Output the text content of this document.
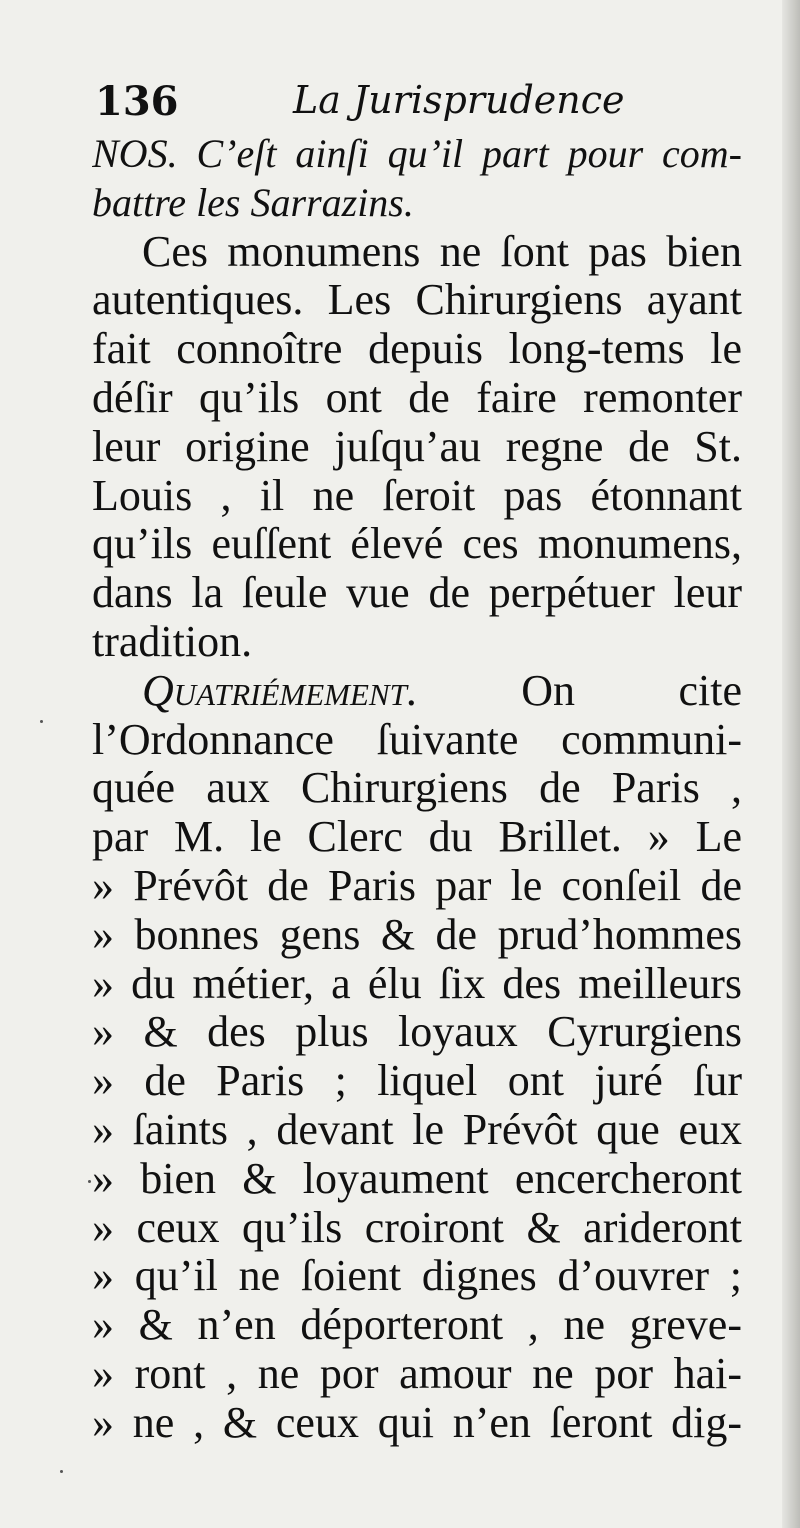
136	La Jurisprudence
NOS. C’eſt ainſi qu’il part pour com-
battre les Sarrazins.
Ces monumens ne ſont pas bien
autentiques. Les Chirurgiens ayant
fait connoître depuis long-tems le
déſir qu’ils ont de faire remonter
leur origine juſqu’au regne de St.
Louis , il ne ſeroit pas étonnant
qu’ils euſſent élevé ces monumens,
dans la ſeule vue de perpétuer leur
tradition.
Quatriémement. On cite
l’Ordonnance ſuivante communi-
quée aux Chirurgiens de Paris ,
par M. le Clerc du Brillet. » Le
» Prévôt de Paris par le conſeil de
» bonnes gens & de prud’hommes
» du métier, a élu ſix des meilleurs
» & des plus loyaux Cyrurgiens
» de Paris ; liquel ont juré ſur
» ſaints , devant le Prévôt que eux
» bien & loyaument encercheront
» ceux qu’ils croiront & arideront
» qu’il ne ſoient dignes d’ouvrer ;
» & n’en déporteront , ne greve-
» ront , ne por amour ne por hai-
» ne , & ceux qui n’en ſeront dig-
